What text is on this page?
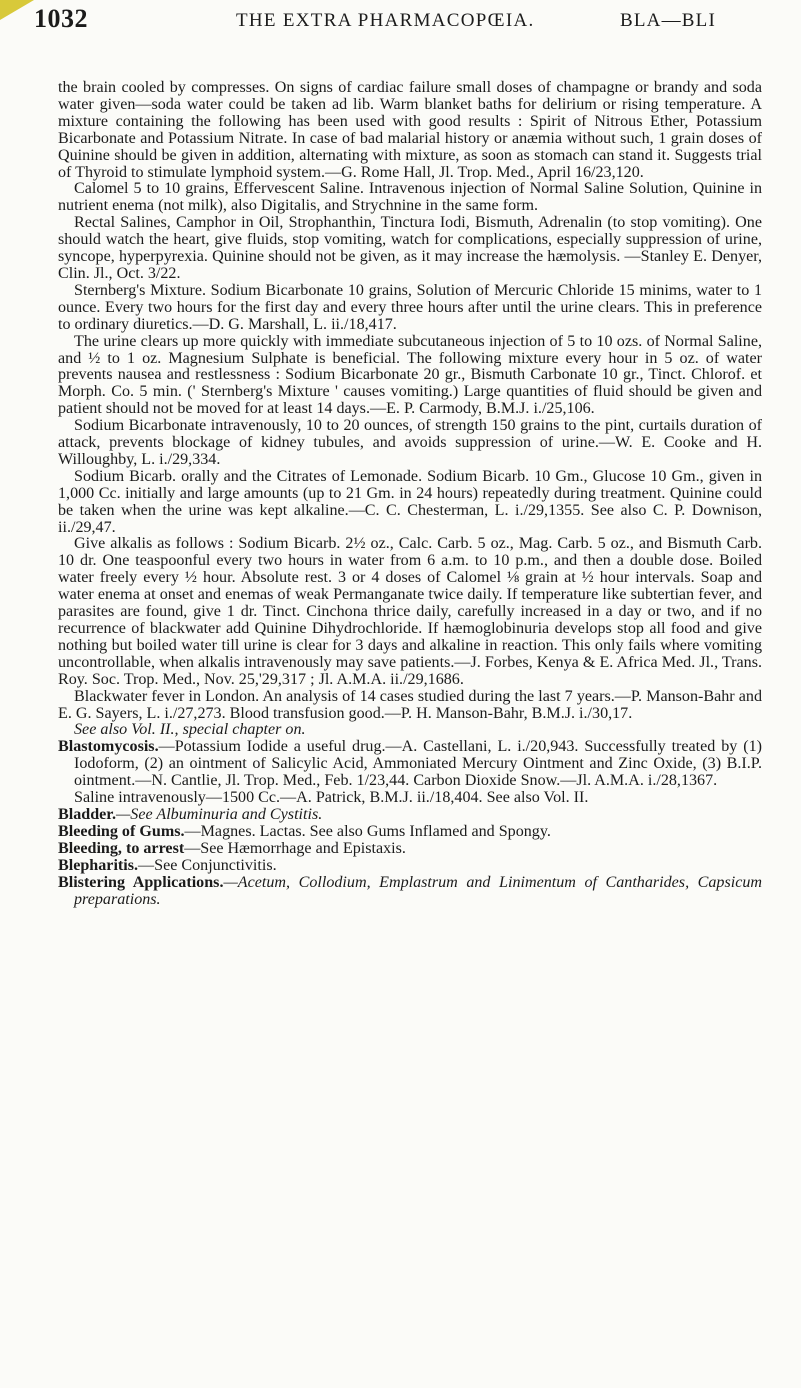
1032	THE EXTRA PHARMACOPŒIA.	BLA—BLI

the brain cooled by compresses. On signs of cardiac failure small doses of champagne or brandy and soda water given—soda water could be taken ad lib. Warm blanket baths for delirium or rising temperature. A mixture containing the following has been used with good results : Spirit of Nitrous Ether, Potassium Bicarbonate and Potassium Nitrate. In case of bad malarial history or anæmia without such, 1 grain doses of Quinine should be given in addition, alternating with mixture, as soon as stomach can stand it. Suggests trial of Thyroid to stimulate lymphoid system.—G. Rome Hall, Jl. Trop. Med., April 16/23,120.

Calomel 5 to 10 grains, Effervescent Saline. Intravenous injection of Normal Saline Solution, Quinine in nutrient enema (not milk), also Digitalis, and Strychnine in the same form.

Rectal Salines, Camphor in Oil, Strophanthin, Tinctura Iodi, Bismuth, Adrenalin (to stop vomiting). One should watch the heart, give fluids, stop vomiting, watch for complications, especially suppression of urine, syncope, hyperpyrexia. Quinine should not be given, as it may increase the hæmolysis. —Stanley E. Denyer, Clin. Jl., Oct. 3/22.

Sternberg's Mixture. Sodium Bicarbonate 10 grains, Solution of Mercuric Chloride 15 minims, water to 1 ounce. Every two hours for the first day and every three hours after until the urine clears. This in preference to ordinary diuretics.—D. G. Marshall, L. ii./18,417.

The urine clears up more quickly with immediate subcutaneous injection of 5 to 10 ozs. of Normal Saline, and ½ to 1 oz. Magnesium Sulphate is beneficial. The following mixture every hour in 5 oz. of water prevents nausea and restlessness : Sodium Bicarbonate 20 gr., Bismuth Carbonate 10 gr., Tinct. Chlorof. et Morph. Co. 5 min. (' Sternberg's Mixture ' causes vomiting.) Large quantities of fluid should be given and patient should not be moved for at least 14 days.—E. P. Carmody, B.M.J. i./25,106.

Sodium Bicarbonate intravenously, 10 to 20 ounces, of strength 150 grains to the pint, curtails duration of attack, prevents blockage of kidney tubules, and avoids suppression of urine.—W. E. Cooke and H. Willoughby, L. i./29,334.

Sodium Bicarb. orally and the Citrates of Lemonade. Sodium Bicarb. 10 Gm., Glucose 10 Gm., given in 1,000 Cc. initially and large amounts (up to 21 Gm. in 24 hours) repeatedly during treatment. Quinine could be taken when the urine was kept alkaline.—C. C. Chesterman, L. i./29,1355. See also C. P. Downison, ii./29,47.

Give alkalis as follows : Sodium Bicarb. 2½ oz., Calc. Carb. 5 oz., Mag. Carb. 5 oz., and Bismuth Carb. 10 dr. One teaspoonful every two hours in water from 6 a.m. to 10 p.m., and then a double dose. Boiled water freely every ½ hour. Absolute rest. 3 or 4 doses of Calomel ⅛ grain at ½ hour intervals. Soap and water enema at onset and enemas of weak Permanganate twice daily. If temperature like subtertian fever, and parasites are found, give 1 dr. Tinct. Cinchona thrice daily, carefully increased in a day or two, and if no recurrence of blackwater add Quinine Dihydrochloride. If hæmoglobinuria develops stop all food and give nothing but boiled water till urine is clear for 3 days and alkaline in reaction. This only fails where vomiting uncontrollable, when alkalis intravenously may save patients.—J. Forbes, Kenya & E. Africa Med. Jl., Trans. Roy. Soc. Trop. Med., Nov. 25,'29,317 ; Jl. A.M.A. ii./29,1686.

Blackwater fever in London. An analysis of 14 cases studied during the last 7 years.—P. Manson-Bahr and E. G. Sayers, L. i./27,273. Blood transfusion good.—P. H. Manson-Bahr, B.M.J. i./30,17.

See also Vol. II., special chapter on.

Blastomycosis.—Potassium Iodide a useful drug.—A. Castellani, L. i./20,943. Successfully treated by (1) Iodoform, (2) an ointment of Salicylic Acid, Ammoniated Mercury Ointment and Zinc Oxide, (3) B.I.P. ointment.—N. Cantlie, Jl. Trop. Med., Feb. 1/23,44. Carbon Dioxide Snow.—Jl. A.M.A. i./28,1367.

Saline intravenously—1500 Cc.—A. Patrick, B.M.J. ii./18,404. See also Vol. II.

Bladder.—See Albuminuria and Cystitis.

Bleeding of Gums.—Magnes. Lactas. See also Gums Inflamed and Spongy.

Bleeding, to arrest—See Hæmorrhage and Epistaxis.

Blepharitis.—See Conjunctivitis.

Blistering Applications.—Acetum, Collodium, Emplastrum and Linimentum of Cantharides, Capsicum preparations.
